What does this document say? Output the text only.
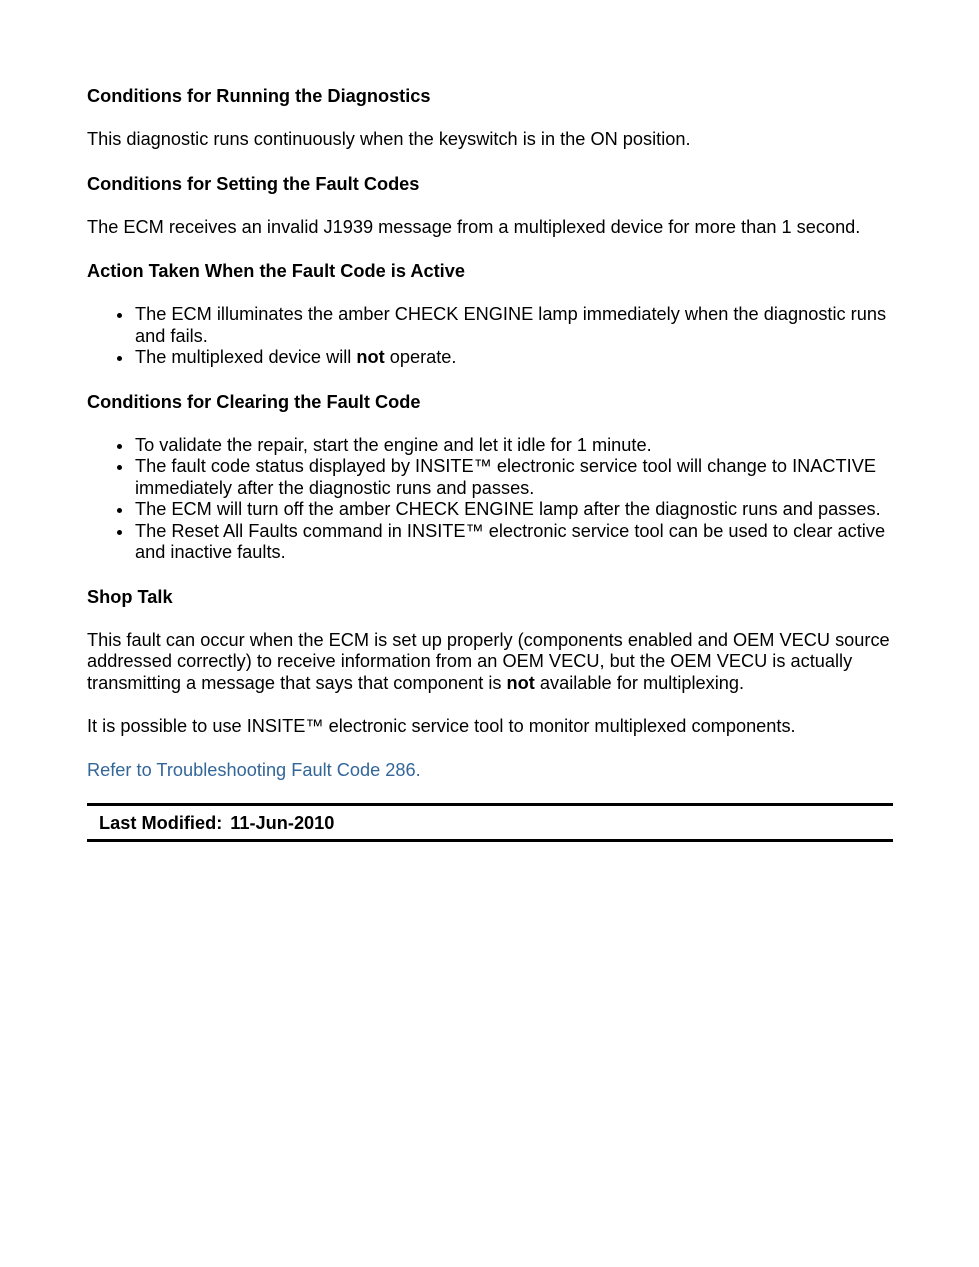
Conditions for Running the Diagnostics

This diagnostic runs continuously when the keyswitch is in the ON position.

Conditions for Setting the Fault Codes

The ECM receives an invalid J1939 message from a multiplexed device for more than 1 second.

Action Taken When the Fault Code is Active
The ECM illuminates the amber CHECK ENGINE lamp immediately when the diagnostic runs and fails.
The multiplexed device will not operate.
Conditions for Clearing the Fault Code
To validate the repair, start the engine and let it idle for 1 minute.
The fault code status displayed by INSITE™ electronic service tool will change to INACTIVE immediately after the diagnostic runs and passes.
The ECM will turn off the amber CHECK ENGINE lamp after the diagnostic runs and passes.
The Reset All Faults command in INSITE™ electronic service tool can be used to clear active and inactive faults.
Shop Talk

This fault can occur when the ECM is set up properly (components enabled and OEM VECU source addressed correctly) to receive information from an OEM VECU, but the OEM VECU is actually transmitting a message that says that component is not available for multiplexing.

It is possible to use INSITE™ electronic service tool to monitor multiplexed components.

Refer to Troubleshooting Fault Code 286.

Last Modified: 11-Jun-2010
